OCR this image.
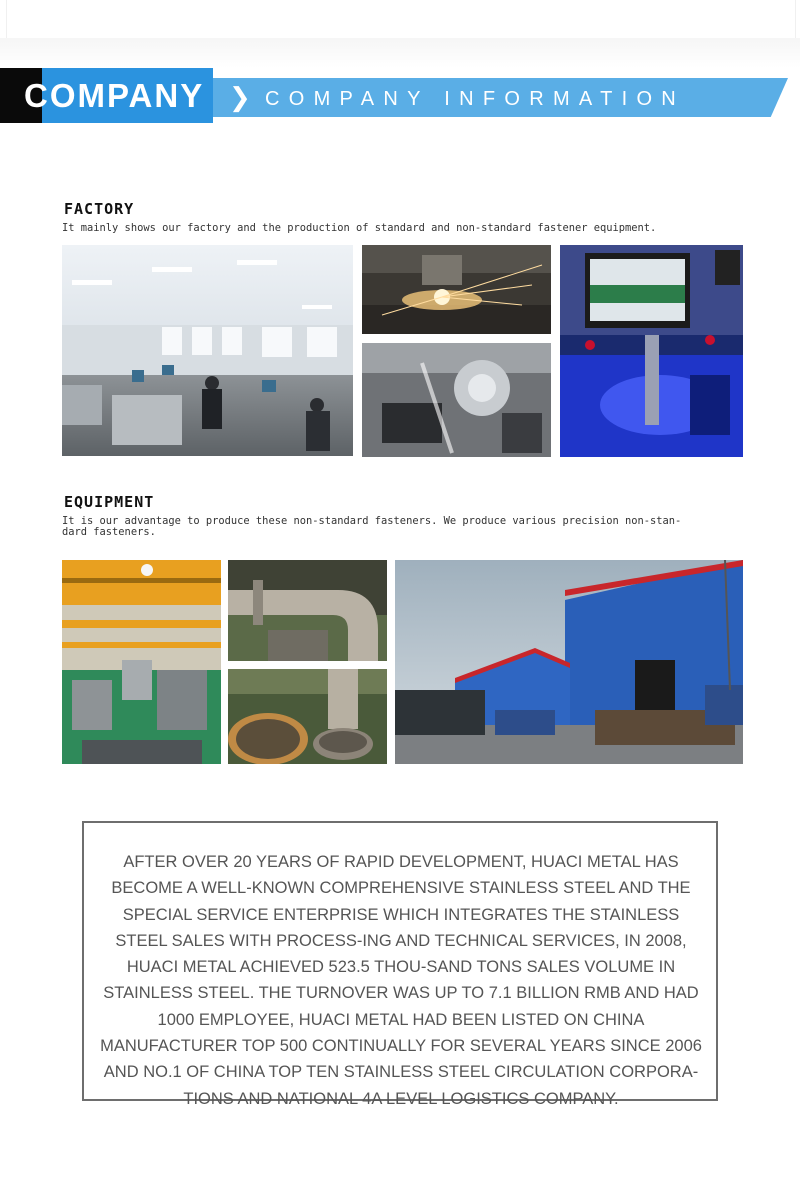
COMPANY ❯ COMPANY INFORMATION
FACTORY
It mainly shows our factory and the production of standard and non-standard fastener equipment.
EQUIPMENT
It is our advantage to produce these non-standard fasteners. We produce various precision non-stan-
dard fasteners.

AFTER OVER 20 YEARS OF RAPID DEVELOPMENT, HUACI METAL HAS BECOME A WELL-KNOWN COMPREHENSIVE STAINLESS STEEL AND THE SPECIAL SERVICE ENTERPRISE WHICH INTEGRATES THE STAINLESS STEEL SALES WITH PROCESS-ING AND TECHNICAL SERVICES, IN 2008, HUACI METAL ACHIEVED 523.5 THOU-SAND TONS SALES VOLUME IN STAINLESS STEEL. THE TURNOVER WAS UP TO 7.1 BILLION RMB AND HAD 1000 EMPLOYEE, HUACI METAL HAD BEEN LISTED ON CHINA MANUFACTURER TOP 500 CONTINUALLY FOR SEVERAL YEARS SINCE 2006 AND NO.1 OF CHINA TOP TEN STAINLESS STEEL CIRCULATION CORPORA-TIONS AND NATIONAL 4A LEVEL LOGISTICS COMPANY.
